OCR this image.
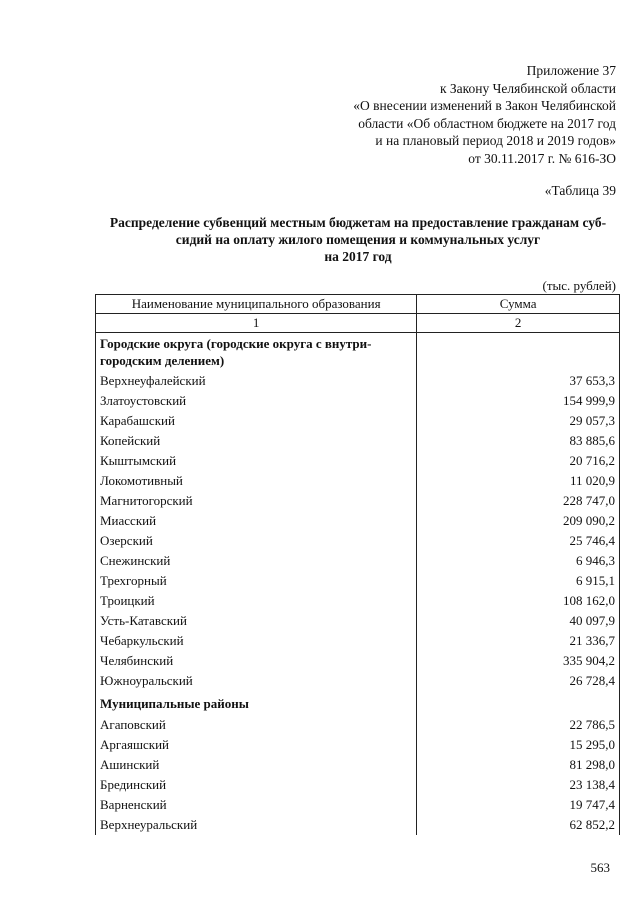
Приложение 37
к Закону Челябинской области
«О внесении изменений в Закон Челябинской
области «Об областном бюджете на 2017 год
и на плановый период 2018 и 2019 годов»
от 30.11.2017 г. № 616-ЗО
«Таблица 39
Распределение субвенций местным бюджетам на предоставление гражданам суб-
сидий на оплату жилого помещения и коммунальных услуг
на 2017 год
(тыс. рублей)
Наименование муниципального образования	Сумма
1	2
Городские округа (городские округа с внутри-городским делением)	
Верхнеуфалейский	37 653,3
Златоустовский	154 999,9
Карабашский	29 057,3
Копейский	83 885,6
Кыштымский	20 716,2
Локомотивный	11 020,9
Магнитогорский	228 747,0
Миасский	209 090,2
Озерский	25 746,4
Снежинский	6 946,3
Трехгорный	6 915,1
Троицкий	108 162,0
Усть-Катавский	40 097,9
Чебаркульский	21 336,7
Челябинский	335 904,2
Южноуральский	26 728,4
Муниципальные районы	
Агаповский	22 786,5
Аргаяшский	15 295,0
Ашинский	81 298,0
Брединский	23 138,4
Варненский	19 747,4
Верхнеуральский	62 852,2
563
